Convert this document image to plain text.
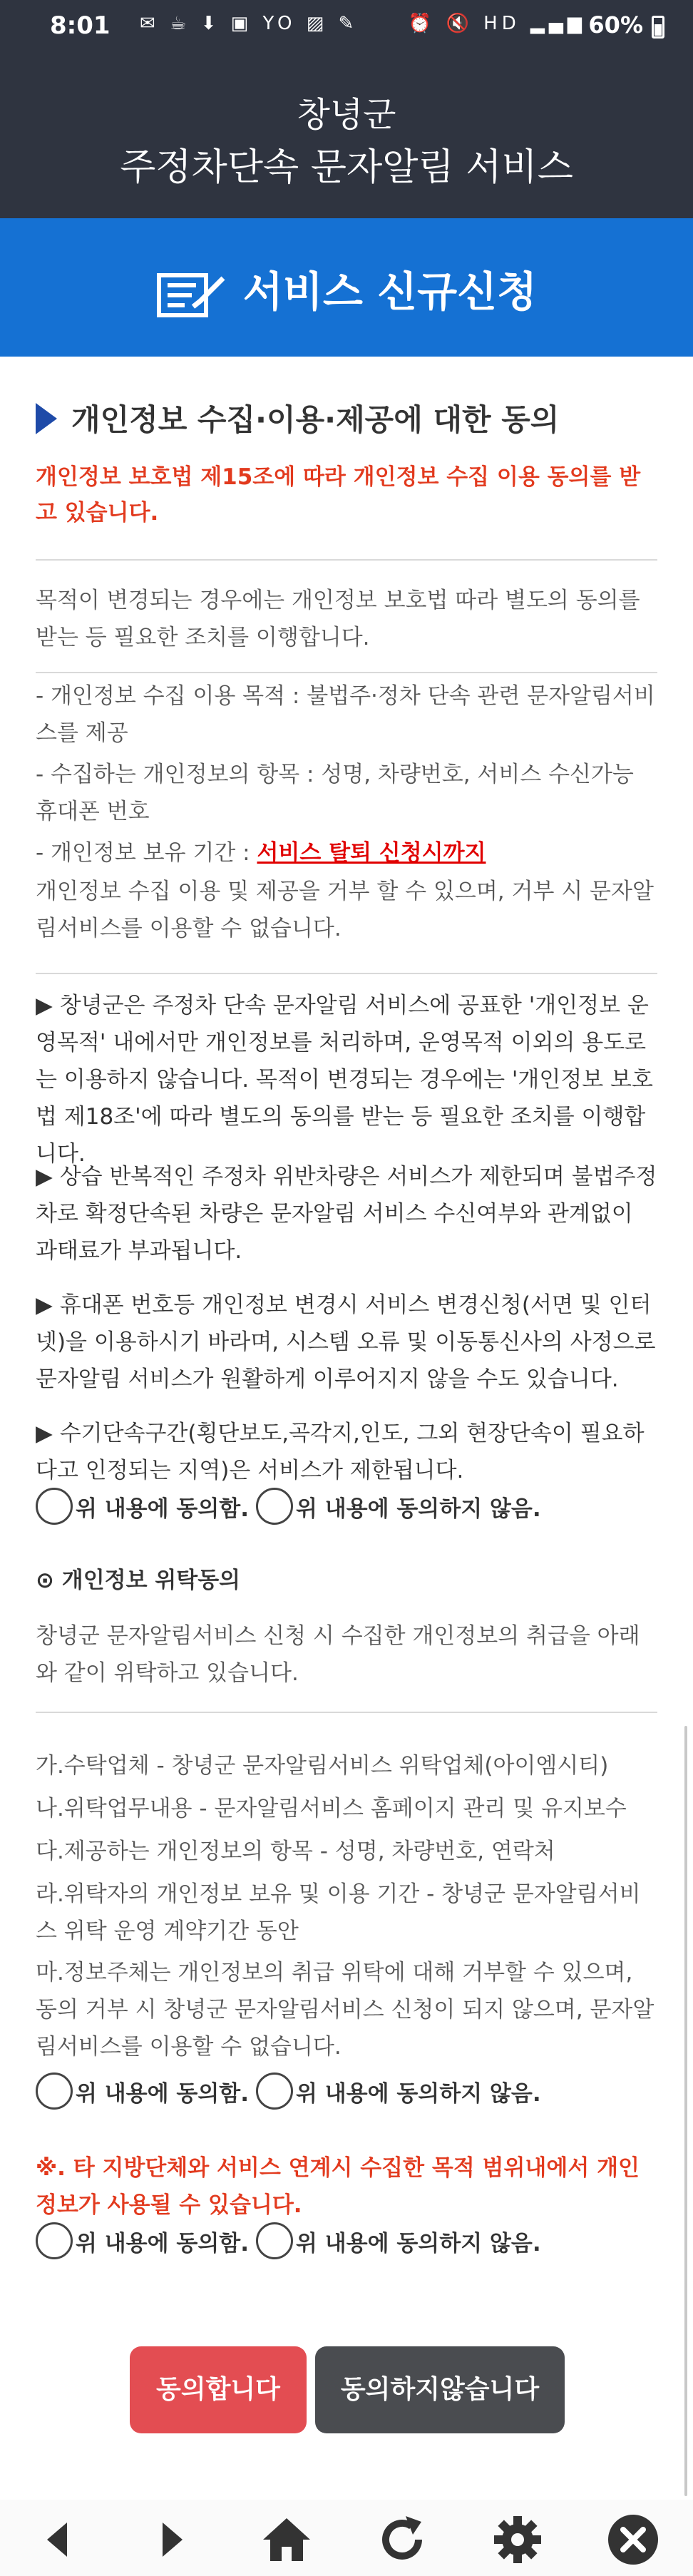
8:01 ✉ ☕ ⬇ ▣ YO ▨ ✎	⏰ 🔇 HD ▂▄▆ 60%
창녕군
주정차단속 문자알림 서비스
서비스 신규신청
개인정보 수집·이용·제공에 대한 동의
개인정보 보호법 제15조에 따라 개인정보 수집 이용 동의를 받고 있습니다.
목적이 변경되는 경우에는 개인정보 보호법 따라 별도의 동의를 받는 등 필요한 조치를 이행합니다.
- 개인정보 수집 이용 목적 : 불법주·정차 단속 관련 문자알림서비스를 제공
- 수집하는 개인정보의 항목 : 성명, 차량번호, 서비스 수신가능 휴대폰 번호
- 개인정보 보유 기간 : 서비스 탈퇴 신청시까지
개인정보 수집 이용 및 제공을 거부 할 수 있으며, 거부 시 문자알림서비스를 이용할 수 없습니다.
▶ 창녕군은 주정차 단속 문자알림 서비스에 공표한 '개인정보 운영목적' 내에서만 개인정보를 처리하며, 운영목적 이외의 용도로는 이용하지 않습니다. 목적이 변경되는 경우에는 '개인정보 보호법 제18조'에 따라 별도의 동의를 받는 등 필요한 조치를 이행합니다.
▶ 상습 반복적인 주정차 위반차량은 서비스가 제한되며 불법주정차로 확정단속된 차량은 문자알림 서비스 수신여부와 관계없이 과태료가 부과됩니다.
▶ 휴대폰 번호등 개인정보 변경시 서비스 변경신청(서면 및 인터넷)을 이용하시기 바라며, 시스템 오류 및 이동통신사의 사정으로 문자알림 서비스가 원활하게 이루어지지 않을 수도 있습니다.
▶ 수기단속구간(횡단보도,곡각지,인도, 그외 현장단속이 필요하다고 인정되는 지역)은 서비스가 제한됩니다.
위 내용에 동의함. 위 내용에 동의하지 않음.
⊙ 개인정보 위탁동의
창녕군 문자알림서비스 신청 시 수집한 개인정보의 취급을 아래와 같이 위탁하고 있습니다.
가.수탁업체 - 창녕군 문자알림서비스 위탁업체(아이엠시티)
나.위탁업무내용 - 문자알림서비스 홈페이지 관리 및 유지보수
다.제공하는 개인정보의 항목 - 성명, 차량번호, 연락처
라.위탁자의 개인정보 보유 및 이용 기간 - 창녕군 문자알림서비스 위탁 운영 계약기간 동안
마.정보주체는 개인정보의 취급 위탁에 대해 거부할 수 있으며, 동의 거부 시 창녕군 문자알림서비스 신청이 되지 않으며, 문자알림서비스를 이용할 수 없습니다.
위 내용에 동의함. 위 내용에 동의하지 않음.
※. 타 지방단체와 서비스 연계시 수집한 목적 범위내에서 개인정보가 사용될 수 있습니다.
위 내용에 동의함. 위 내용에 동의하지 않음.
동의합니다	동의하지않습니다
